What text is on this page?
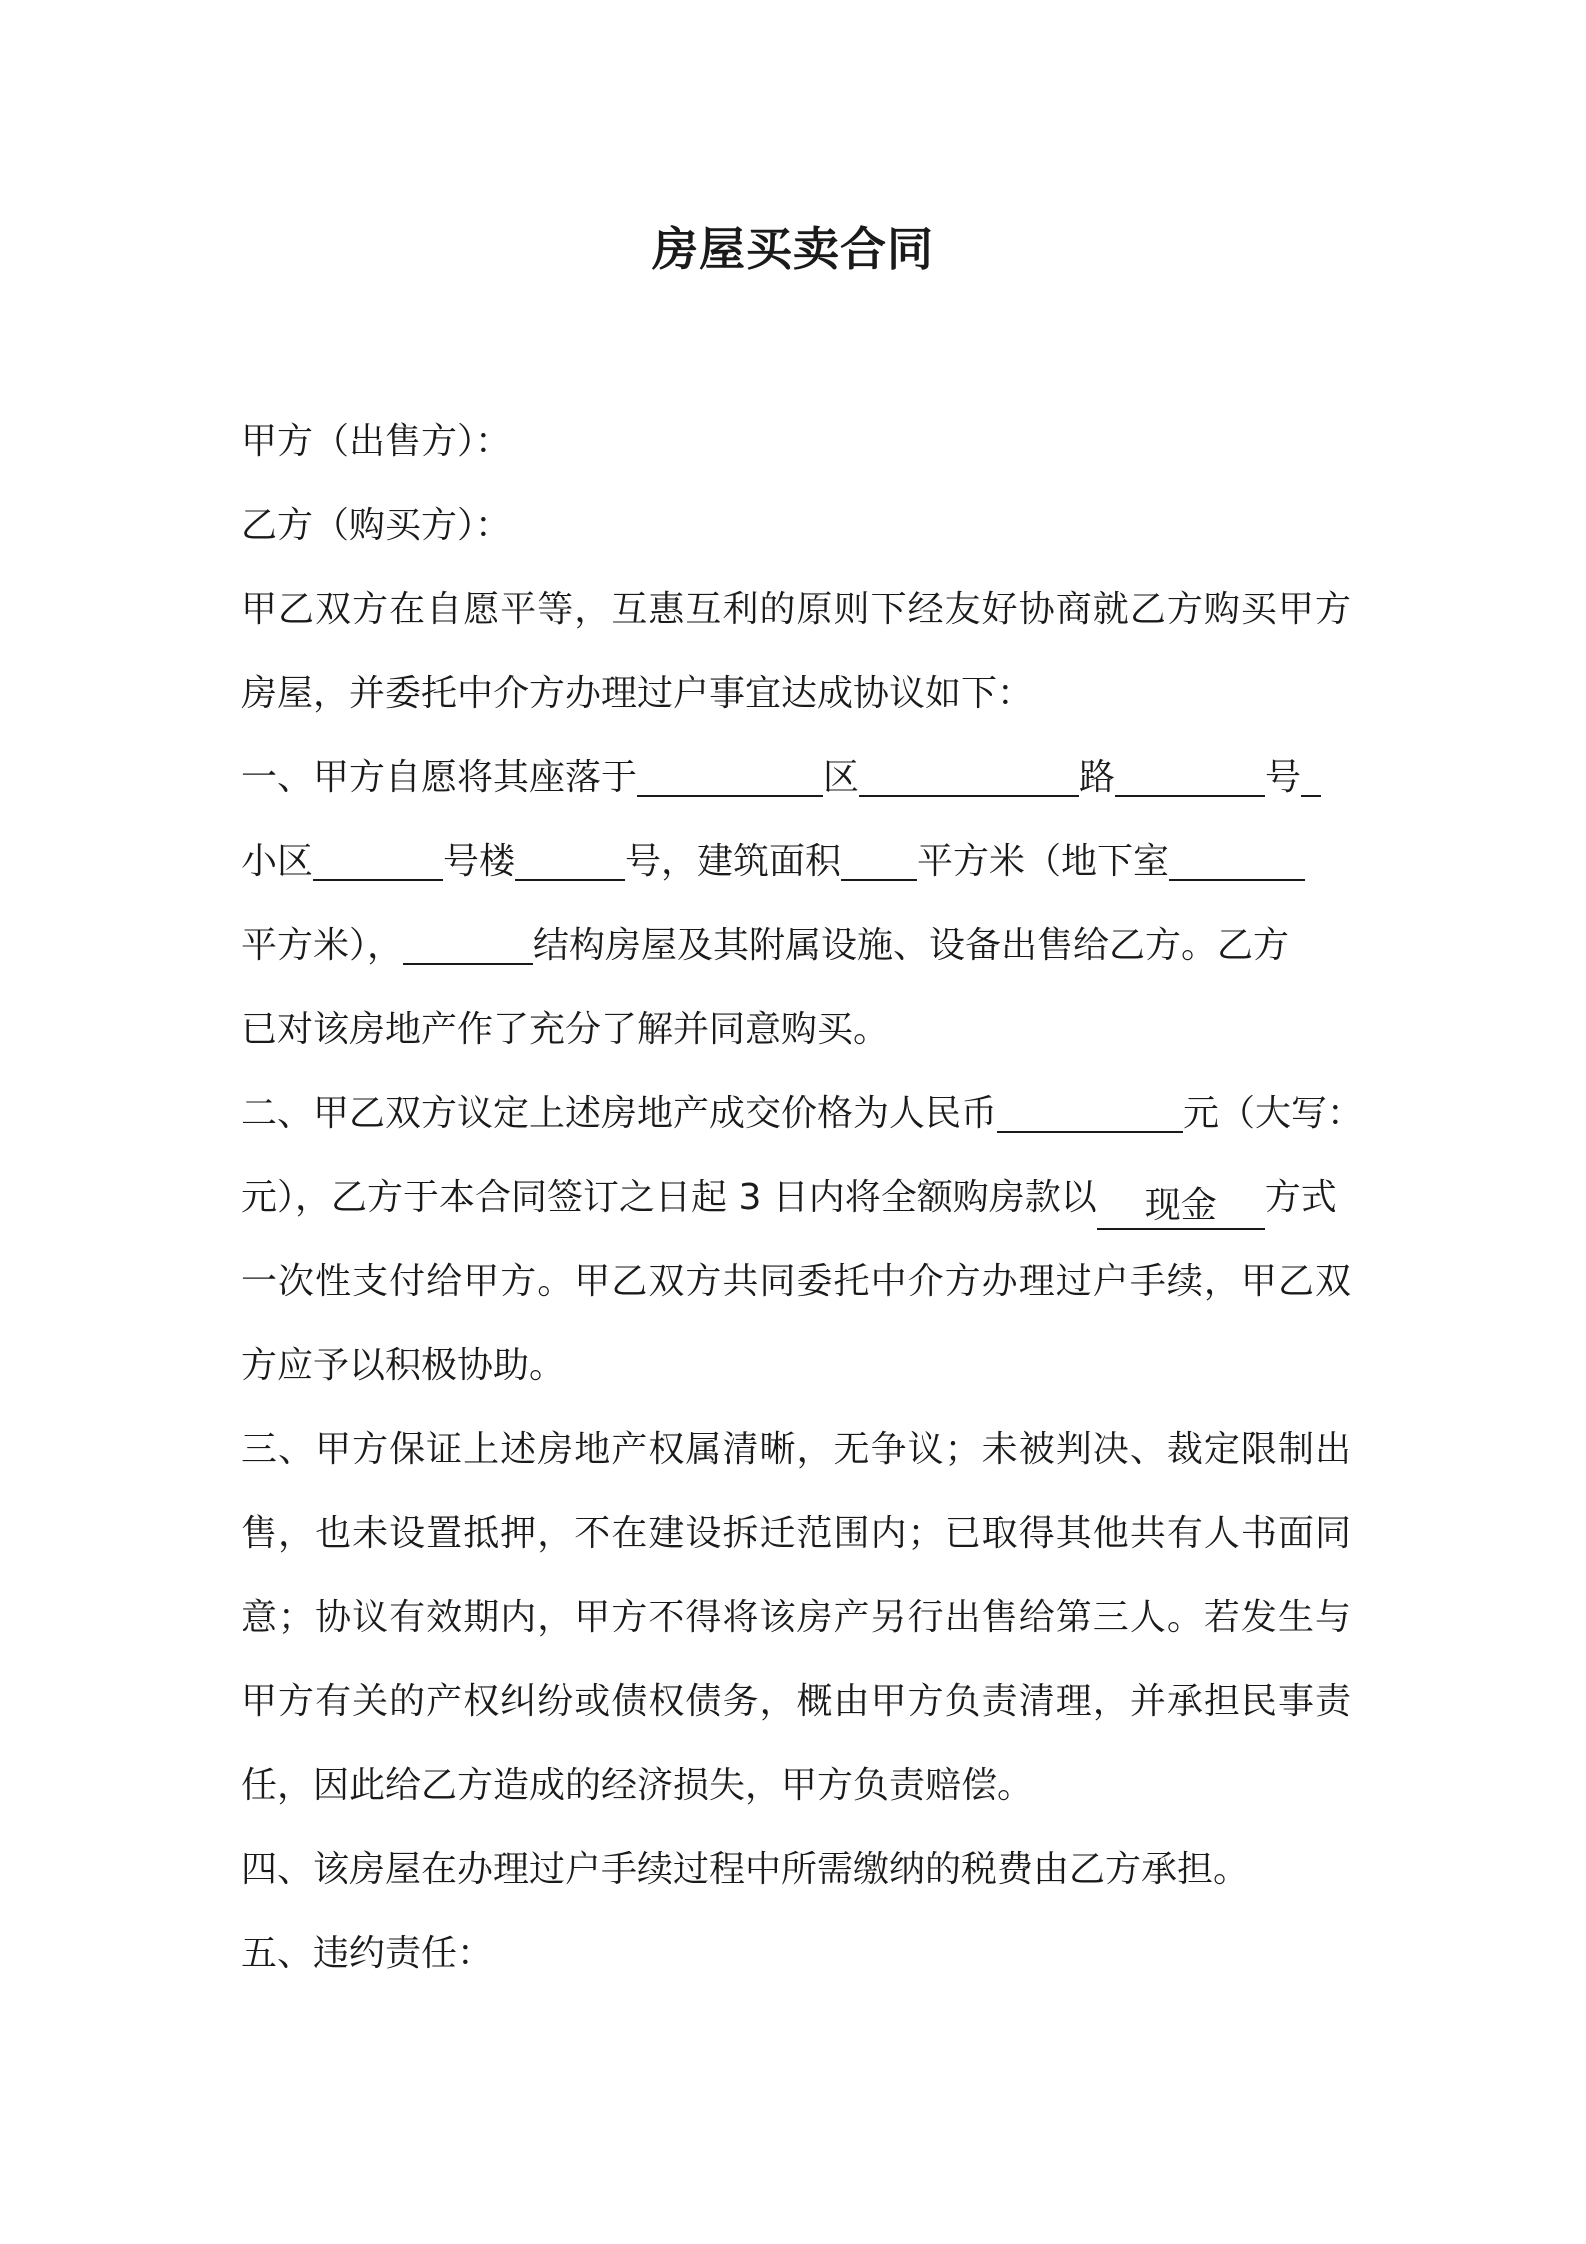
房屋买卖合同
甲方（出售方）：
乙方（购买方）：
甲乙双方在自愿平等，互惠互利的原则下经友好协商就乙方购买甲方
房屋，并委托中介方办理过户事宜达成协议如下：
一、甲方自愿将其座落于	区	路	号
小区	号楼	号，建筑面积 平方米（地下室
平方米），	结构房屋及其附属设施、设备出售给乙方。乙方
已对该房地产作了充分了解并同意购买。
二、甲乙双方议定上述房地产成交价格为人民币	元（大写：
元），乙方于本合同签订之日起 3 日内将全额购房款以 现金 方式
一次性支付给甲方。甲乙双方共同委托中介方办理过户手续，甲乙双
方应予以积极协助。
三、甲方保证上述房地产权属清晰，无争议；未被判决、裁定限制出
售，也未设置抵押，不在建设拆迁范围内；已取得其他共有人书面同
意；协议有效期内，甲方不得将该房产另行出售给第三人。若发生与
甲方有关的产权纠纷或债权债务，概由甲方负责清理，并承担民事责
任，因此给乙方造成的经济损失，甲方负责赔偿。
四、该房屋在办理过户手续过程中所需缴纳的税费由乙方承担。
五、违约责任：
